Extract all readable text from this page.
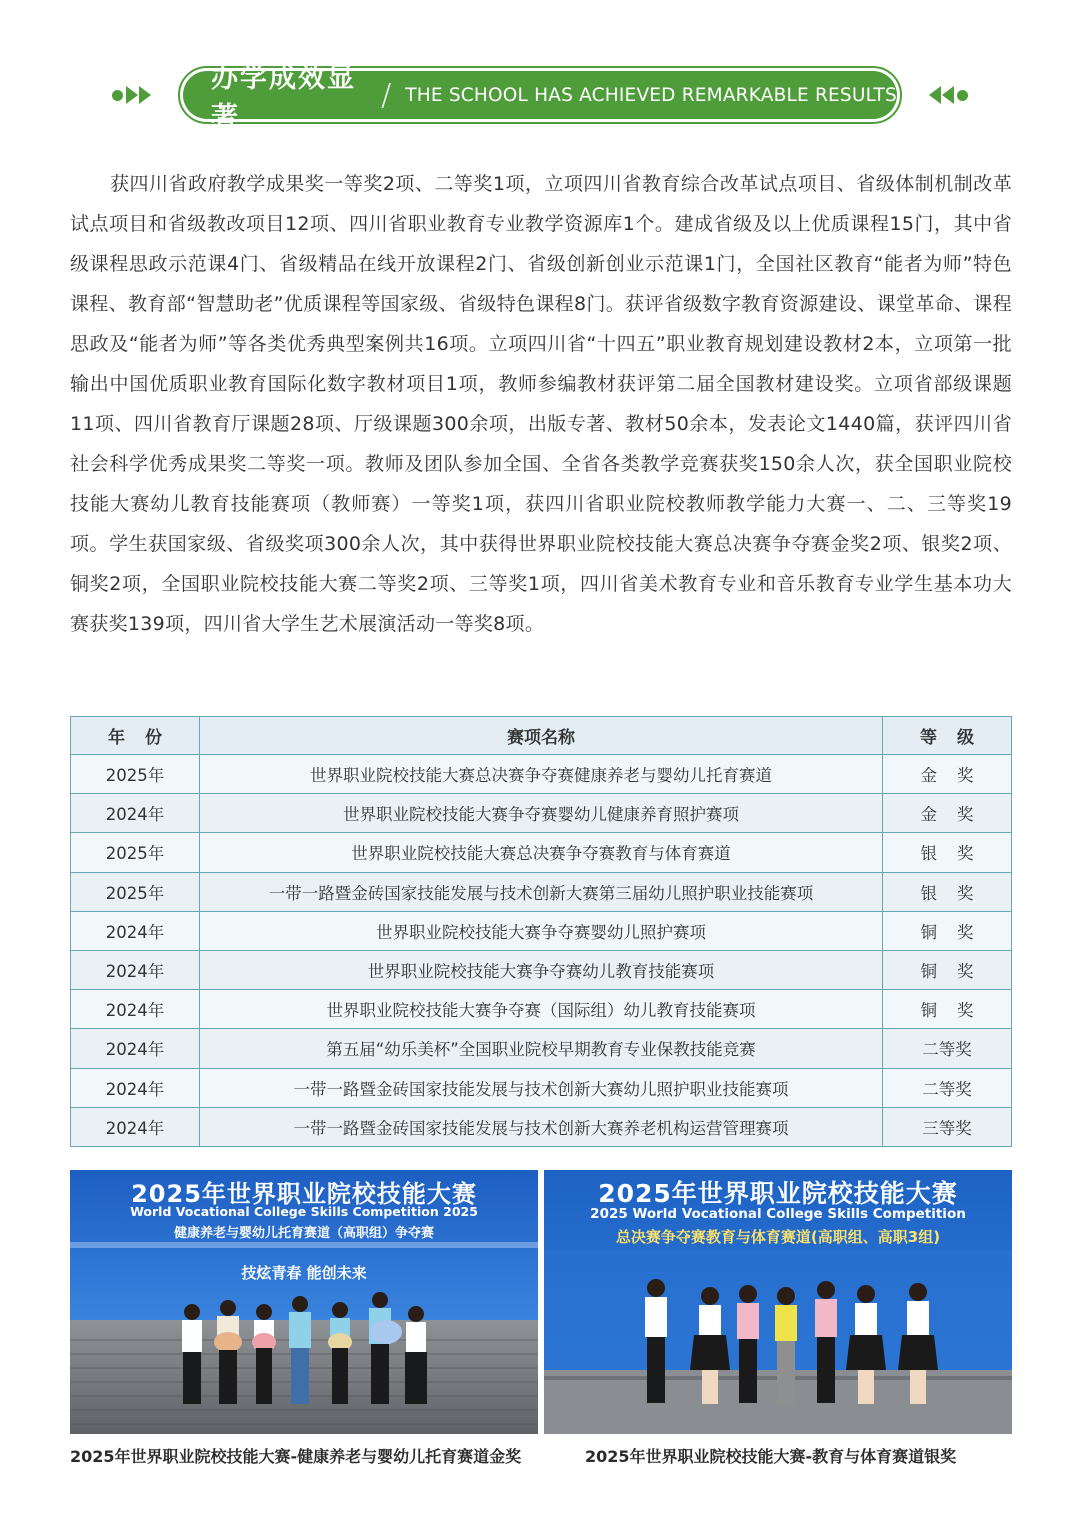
办学成效显著
/ THE SCHOOL HAS ACHIEVED REMARKABLE RESULTS

获四川省政府教学成果奖一等奖2项、二等奖1项，立项四川省教育综合改革试点项目、省级体制机制改革试点项目和省级教改项目12项、四川省职业教育专业教学资源库1个。建成省级及以上优质课程15门，其中省级课程思政示范课4门、省级精品在线开放课程2门、省级创新创业示范课1门，全国社区教育“能者为师”特色课程、教育部“智慧助老”优质课程等国家级、省级特色课程8门。获评省级数字教育资源建设、课堂革命、课程思政及“能者为师”等各类优秀典型案例共16项。立项四川省“十四五”职业教育规划建设教材2本，立项第一批输出中国优质职业教育国际化数字教材项目1项，教师参编教材获评第二届全国教材建设奖。立项省部级课题11项、四川省教育厅课题28项、厅级课题300余项，出版专著、教材50余本，发表论文1440篇，获评四川省社会科学优秀成果奖二等奖一项。教师及团队参加全国、全省各类教学竞赛获奖150余人次，获全国职业院校技能大赛幼儿教育技能赛项（教师赛）一等奖1项，获四川省职业院校教师教学能力大赛一、二、三等奖19项。学生获国家级、省级奖项300余人次，其中获得世界职业院校技能大赛总决赛争夺赛金奖2项、银奖2项、铜奖2项，全国职业院校技能大赛二等奖2项、三等奖1项，四川省美术教育专业和音乐教育专业学生基本功大赛获奖139项，四川省大学生艺术展演活动一等奖8项。

年份	赛项名称	等级
2025年	世界职业院校技能大赛总决赛争夺赛健康养老与婴幼儿托育赛道	金奖
2024年	世界职业院校技能大赛争夺赛婴幼儿健康养育照护赛项	金奖
2025年	世界职业院校技能大赛总决赛争夺赛教育与体育赛道	银奖
2025年	一带一路暨金砖国家技能发展与技术创新大赛第三届幼儿照护职业技能赛项	银奖
2024年	世界职业院校技能大赛争夺赛婴幼儿照护赛项	铜奖
2024年	世界职业院校技能大赛争夺赛幼儿教育技能赛项	铜奖
2024年	世界职业院校技能大赛争夺赛（国际组）幼儿教育技能赛项	铜奖
2024年	第五届“幼乐美杯”全国职业院校早期教育专业保教技能竞赛	二等奖
2024年	一带一路暨金砖国家技能发展与技术创新大赛幼儿照护职业技能赛项	二等奖
2024年	一带一路暨金砖国家技能发展与技术创新大赛养老机构运营管理赛项	三等奖
2025年世界职业院校技能大赛
World Vocational College Skills Competition 2025
健康养老与婴幼儿托育赛道（高职组）争夺赛
技炫青春 能创未来
2025年世界职业院校技能大赛
2025 World Vocational College Skills Competition
总决赛争夺赛教育与体育赛道(高职组、高职3组)
2025年世界职业院校技能大赛-健康养老与婴幼儿托育赛道金奖	2025年世界职业院校技能大赛-教育与体育赛道银奖
